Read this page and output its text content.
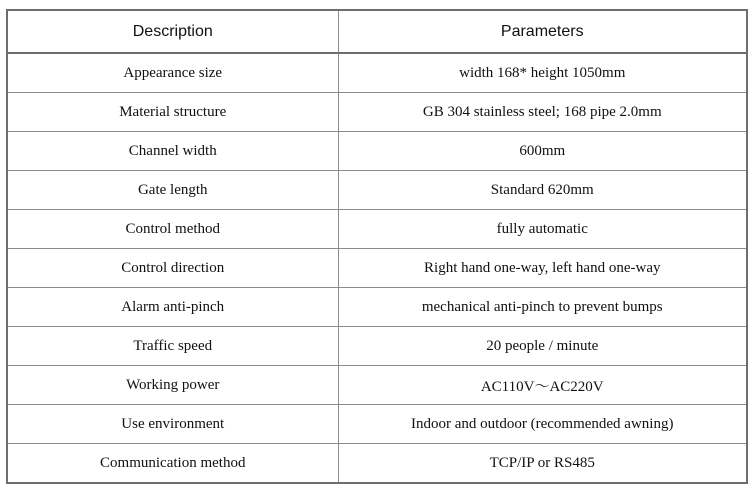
Description	Parameters
Appearance size	width 168* height 1050mm
Material structure	GB 304 stainless steel; 168 pipe 2.0mm
Channel width	600mm
Gate length	Standard 620mm
Control method	fully automatic
Control direction	Right hand one-way, left hand one-way
Alarm anti-pinch	mechanical anti-pinch to prevent bumps
Traffic speed	20 people / minute
Working power	AC110V〜AC220V
Use environment	Indoor and outdoor (recommended awning)
Communication method	TCP/IP or RS485
